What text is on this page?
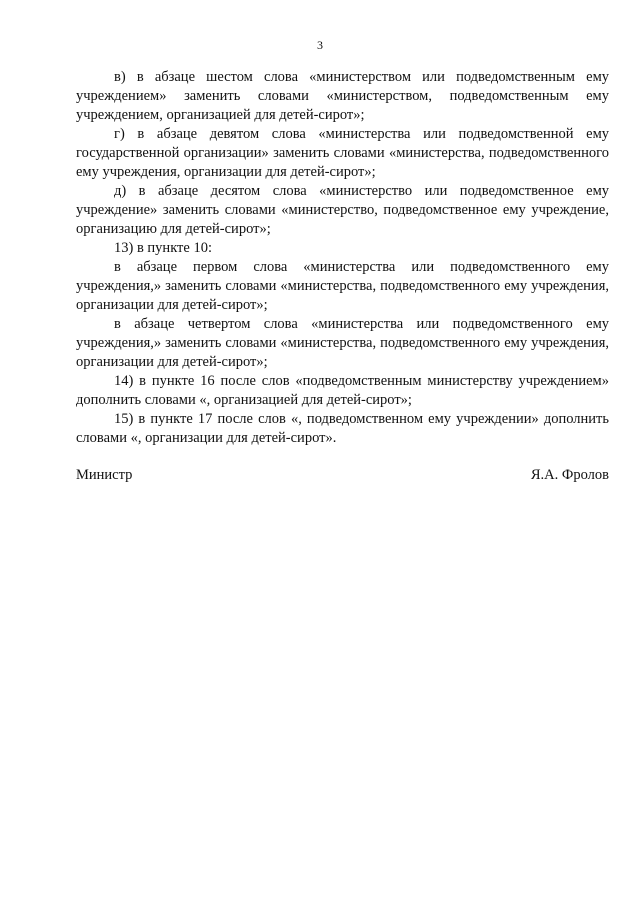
3

в) в абзаце шестом слова «министерством или подведомственным ему учреждением» заменить словами «министерством, подведомственным ему учреждением, организацией для детей-сирот»;

г) в абзаце девятом слова «министерства или подведомственной ему государственной организации» заменить словами «министерства, подведомственного ему учреждения, организации для детей-сирот»;

д) в абзаце десятом слова «министерство или подведомственное ему учреждение» заменить словами «министерство, подведомственное ему учреждение, организацию для детей-сирот»;

13) в пункте 10:

в абзаце первом слова «министерства или подведомственного ему учреждения,» заменить словами «министерства, подведомственного ему учреждения, организации для детей-сирот»;

в абзаце четвертом слова «министерства или подведомственного ему учреждения,» заменить словами «министерства, подведомственного ему учреждения, организации для детей-сирот»;

14) в пункте 16 после слов «подведомственным министерству учреждением» дополнить словами «, организацией для детей-сирот»;

15) в пункте 17 после слов «, подведомственном ему учреждении» дополнить словами «, организации для детей-сирот».

Министр	Я.А. Фролов
